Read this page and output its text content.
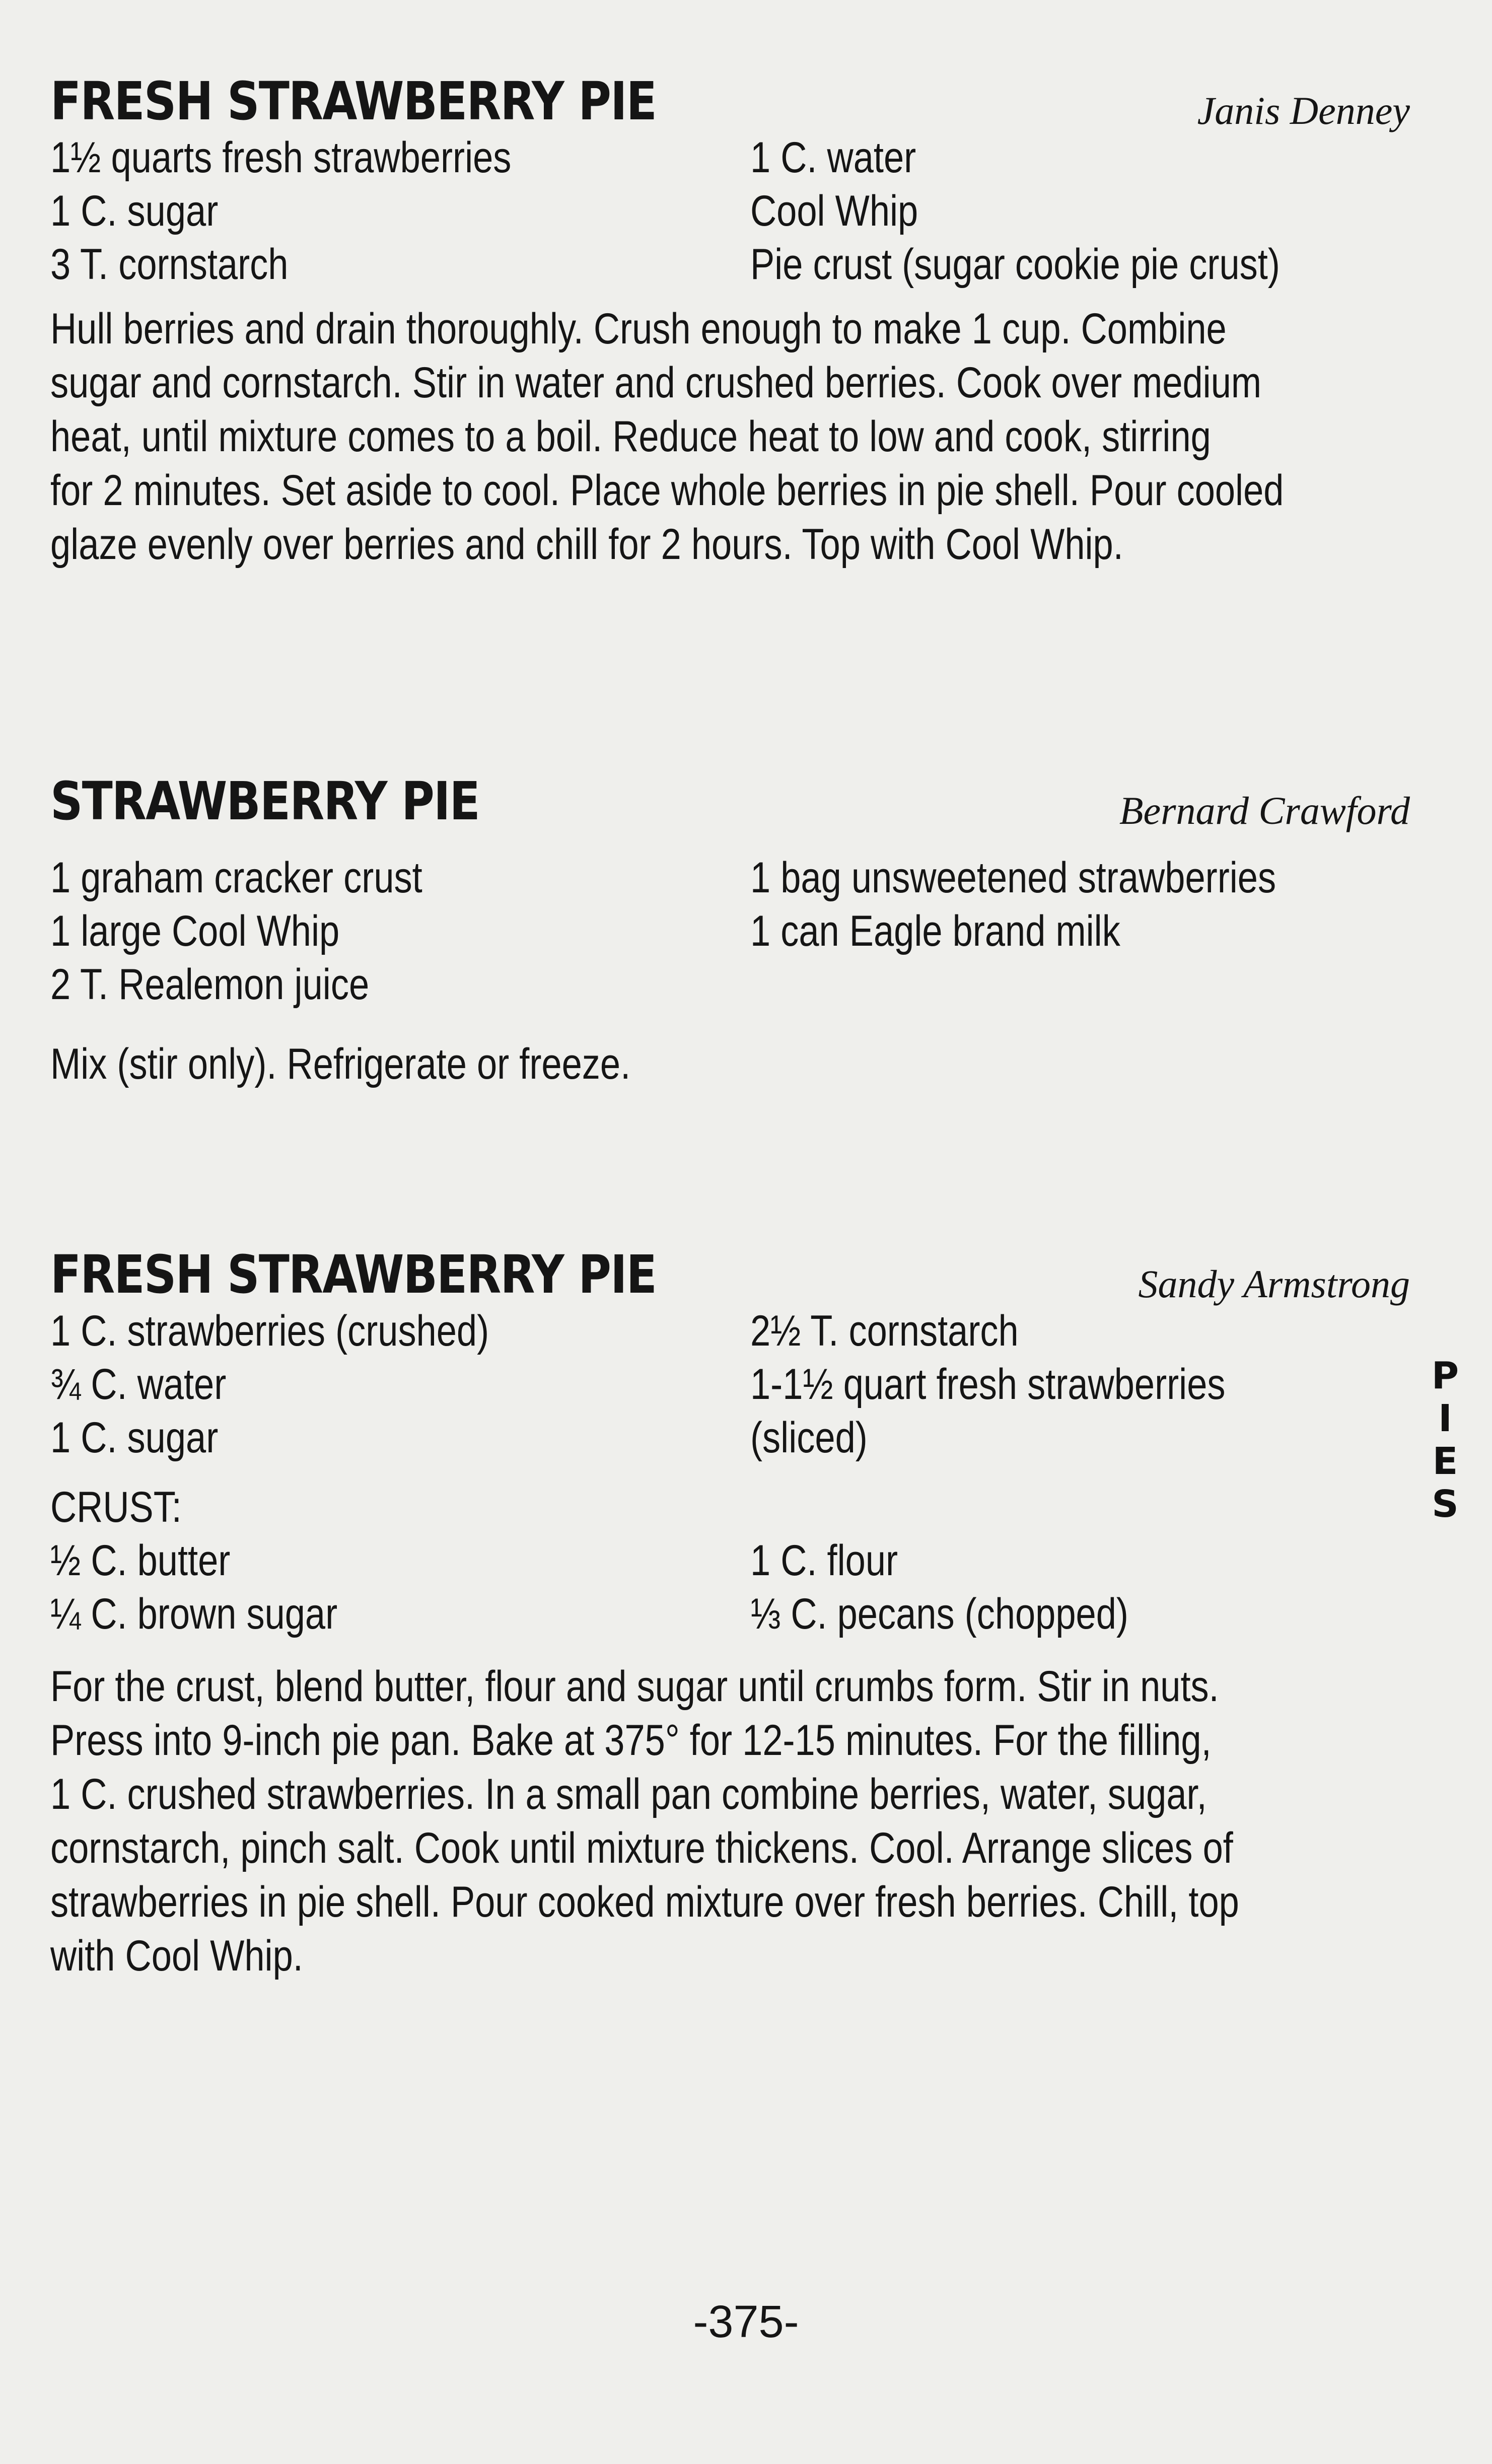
FRESH STRAWBERRY PIE	Janis Denney
1½ quarts fresh strawberries
1 C. sugar
3 T. cornstarch
1 C. water
Cool Whip
Pie crust (sugar cookie pie crust)
Hull berries and drain thoroughly. Crush enough to make 1 cup. Combine
sugar and cornstarch. Stir in water and crushed berries. Cook over medium
heat, until mixture comes to a boil. Reduce heat to low and cook, stirring
for 2 minutes. Set aside to cool. Place whole berries in pie shell. Pour cooled
glaze evenly over berries and chill for 2 hours. Top with Cool Whip.
STRAWBERRY PIE	Bernard Crawford
1 graham cracker crust
1 large Cool Whip
2 T. Realemon juice
1 bag unsweetened strawberries
1 can Eagle brand milk
Mix (stir only). Refrigerate or freeze.
FRESH STRAWBERRY PIE	Sandy Armstrong
1 C. strawberries (crushed)
¾ C. water
1 C. sugar
2½ T. cornstarch
1-1½ quart fresh strawberries
(sliced)
CRUST:
½ C. butter
¼ C. brown sugar
1 C. flour
⅓ C. pecans (chopped)
For the crust, blend butter, flour and sugar until crumbs form. Stir in nuts.
Press into 9-inch pie pan. Bake at 375° for 12-15 minutes. For the filling,
1 C. crushed strawberries. In a small pan combine berries, water, sugar,
cornstarch, pinch salt. Cook until mixture thickens. Cool. Arrange slices of
strawberries in pie shell. Pour cooked mixture over fresh berries. Chill, top
with Cool Whip.
P
I
E
S
-375-
